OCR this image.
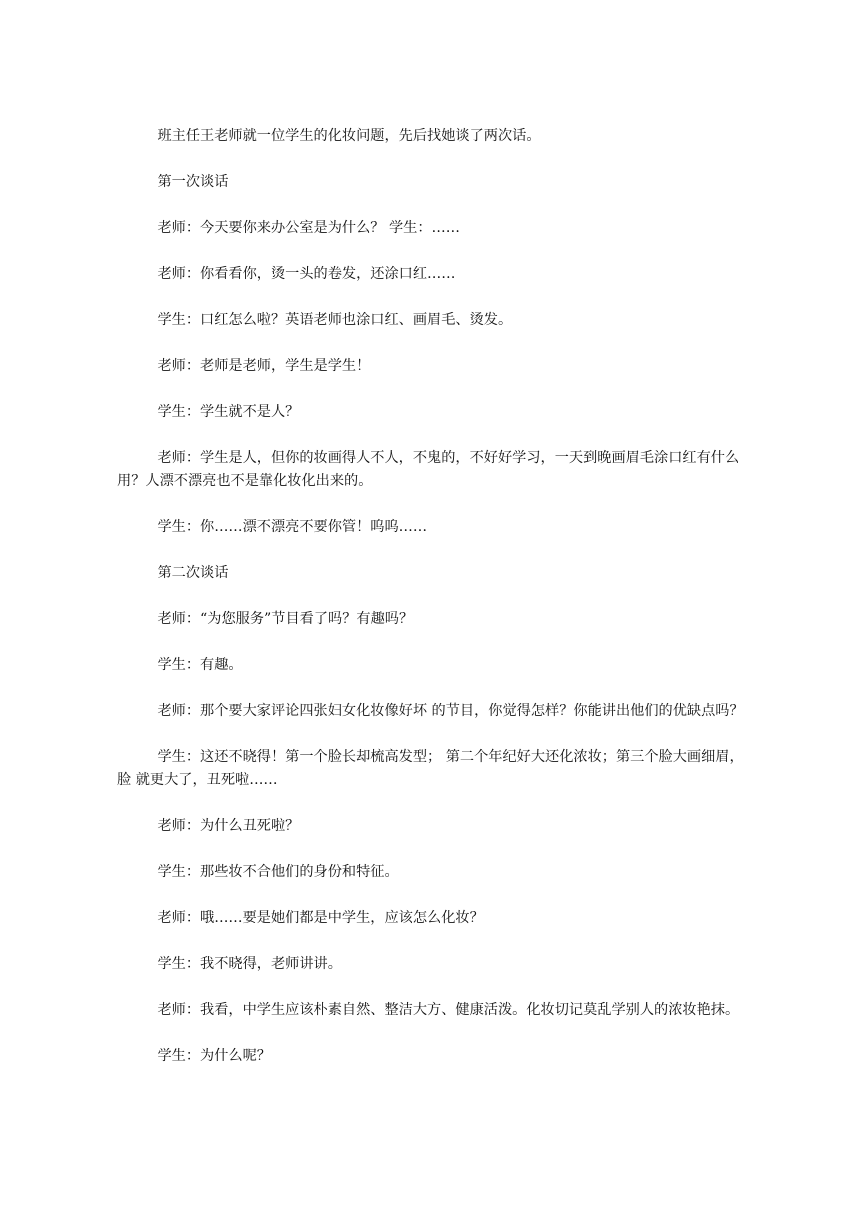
班主任王老师就一位学生的化妆问题，先后找她谈了两次话。

第一次谈话

老师：今天要你来办公室是为什么？ 学生：……

老师：你看看你，烫一头的卷发，还涂口红……

学生：口红怎么啦？英语老师也涂口红、画眉毛、烫发。

老师：老师是老师，学生是学生！

学生：学生就不是人？

老师：学生是人，但你的妆画得人不人，不鬼的，不好好学习，一天到晚画眉毛涂口红有什么用？人漂不漂亮也不是靠化妆化出来的。

学生：你……漂不漂亮不要你管！呜呜……

第二次谈话

老师：“为您服务”节目看了吗？有趣吗？

学生：有趣。

老师：那个要大家评论四张妇女化妆像好坏 的节目，你觉得怎样？你能讲出他们的优缺点吗？

学生：这还不晓得！第一个脸长却梳高发型； 第二个年纪好大还化浓妆；第三个脸大画细眉，脸 就更大了，丑死啦……

老师：为什么丑死啦？

学生：那些妆不合他们的身份和特征。

老师：哦……要是她们都是中学生，应该怎么化妆？

学生：我不晓得，老师讲讲。

老师：我看，中学生应该朴素自然、整洁大方、健康活泼。化妆切记莫乱学别人的浓妆艳抹。

学生：为什么呢？
